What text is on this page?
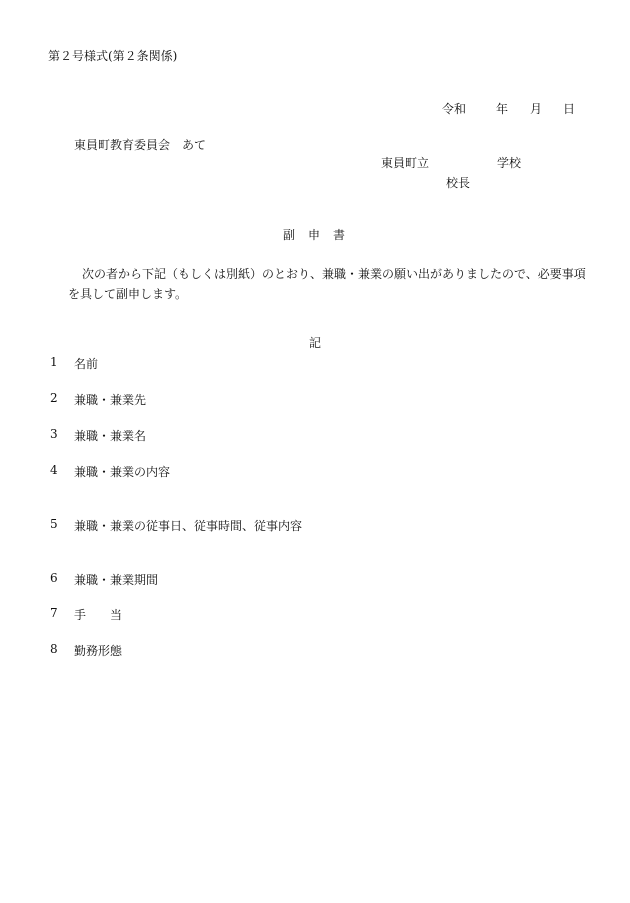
第２号様式(第２条関係)
令和 年 月 日
東員町教育委員会　あて
東員町立	学校
校長
副　申　書
次の者から下記（もしくは別紙）のとおり、兼職・兼業の願い出がありましたので、必要事項を具して副申します。
記
1 名前
2 兼職・兼業先
3 兼職・兼業名
4 兼職・兼業の内容
5 兼職・兼業の従事日、従事時間、従事内容
6 兼職・兼業期間
7 手　　当
8 勤務形態
